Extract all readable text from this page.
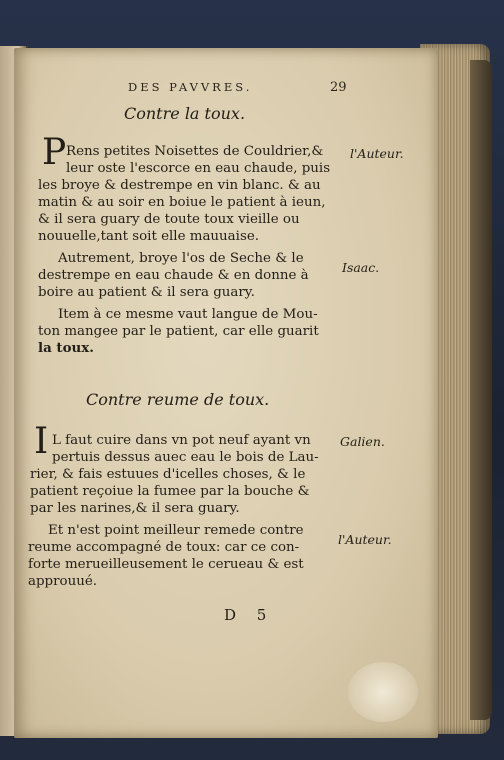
DES PAVVRES.	29
Contre la toux.
P Rens petites Noisettes de Couldrier,&
leur oste l'escorce en eau chaude, puis
les broye & destrempe en vin blanc. & au
matin & au soir en boiue le patient à ieun,
& il sera guary de toute toux vieille ou
nouuelle,tant soit elle mauuaise.
Autrement, broye l'os de Seche & le
destrempe en eau chaude & en donne à
boire au patient & il sera guary.
Item à ce mesme vaut langue de Mou-
ton mangee par le patient, car elle guarit
la toux.
l'Auteur.
Isaac.
Contre reume de toux.
I L faut cuire dans vn pot neuf ayant vn
pertuis dessus auec eau le bois de Lau-
rier, & fais estuues d'icelles choses, & le
patient reçoiue la fumee par la bouche &
par les narines,& il sera guary.
Et n'est point meilleur remede contre
reume accompagné de toux: car ce con-
forte merueilleusement le cerueau & est
approuué.
Galien.
l'Auteur.
D 5
